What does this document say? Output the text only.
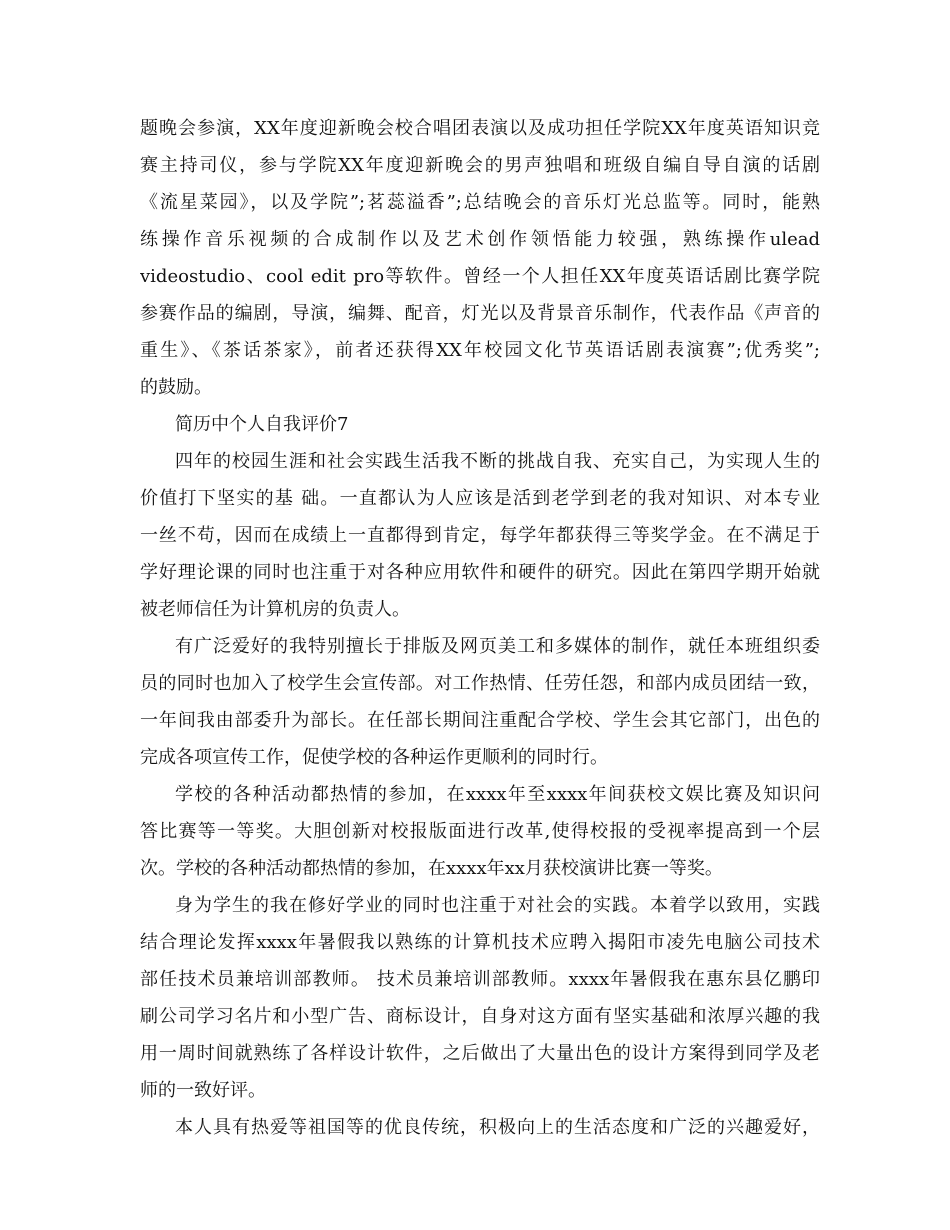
题晚会参演，XX年度迎新晚会校合唱团表演以及成功担任学院XX年度英语知识竞
赛主持司仪，参与学院XX年度迎新晚会的男声独唱和班级自编自导自演的话剧
《流星菜园》，以及学院”;茗蕊溢香”;总结晚会的音乐灯光总监等。同时，能熟
练操作音乐视频的合成制作以及艺术创作领悟能力较强，熟练操作ulead
videostudio、cool edit pro等软件。曾经一个人担任XX年度英语话剧比赛学院
参赛作品的编剧，导演，编舞、配音，灯光以及背景音乐制作，代表作品《声音的
重生》、《茶话茶家》，前者还获得XX年校园文化节英语话剧表演赛”;优秀奖”;
的鼓励。
简历中个人自我评价7
四年的校园生涯和社会实践生活我不断的挑战自我、充实自己，为实现人生的
价值打下坚实的基 础。一直都认为人应该是活到老学到老的我对知识、对本专业
一丝不苟，因而在成绩上一直都得到肯定，每学年都获得三等奖学金。在不满足于
学好理论课的同时也注重于对各种应用软件和硬件的研究。因此在第四学期开始就
被老师信任为计算机房的负责人。
有广泛爱好的我特别擅长于排版及网页美工和多媒体的制作，就任本班组织委
员的同时也加入了校学生会宣传部。对工作热情、任劳任怨，和部内成员团结一致，
一年间我由部委升为部长。在任部长期间注重配合学校、学生会其它部门，出色的
完成各项宣传工作，促使学校的各种运作更顺利的同时行。
学校的各种活动都热情的参加，在xxxx年至xxxx年间获校文娱比赛及知识问
答比赛等一等奖。大胆创新对校报版面进行改革,使得校报的受视率提高到一个层
次。学校的各种活动都热情的参加，在xxxx年xx月获校演讲比赛一等奖。
身为学生的我在修好学业的同时也注重于对社会的实践。本着学以致用，实践
结合理论发挥xxxx年暑假我以熟练的计算机技术应聘入揭阳市凌先电脑公司技术
部任技术员兼培训部教师。 技术员兼培训部教师。xxxx年暑假我在惠东县亿鹏印
刷公司学习名片和小型广告、商标设计，自身对这方面有坚实基础和浓厚兴趣的我
用一周时间就熟练了各样设计软件，之后做出了大量出色的设计方案得到同学及老
师的一致好评。
本人具有热爱等祖国等的优良传统，积极向上的生活态度和广泛的兴趣爱好，
